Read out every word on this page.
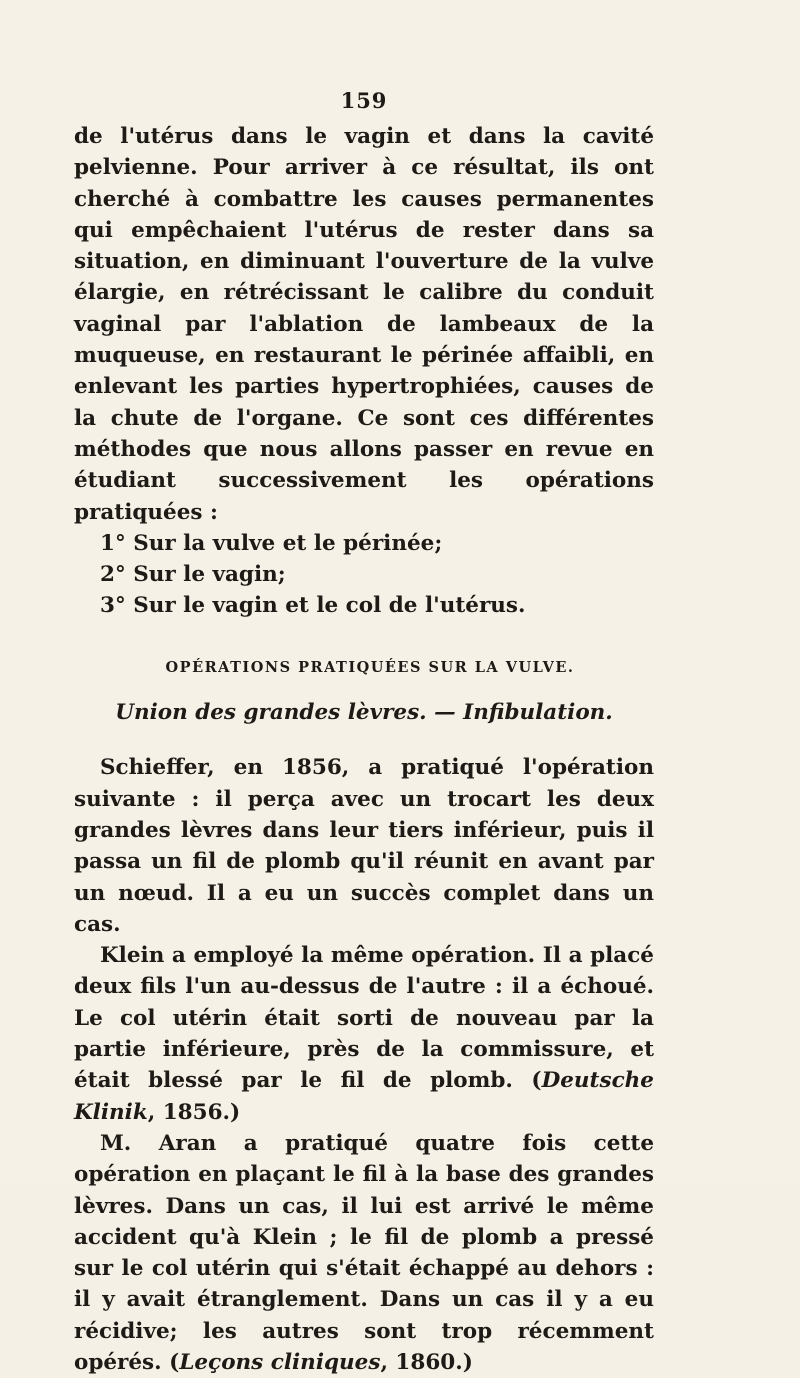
159

de l'utérus dans le vagin et dans la cavité pelvienne. Pour arriver à ce résultat, ils ont cherché à combattre les causes permanentes qui empêchaient l'utérus de rester dans sa situation, en diminuant l'ouverture de la vulve élargie, en rétrécissant le calibre du conduit vaginal par l'ablation de lambeaux de la muqueuse, en restaurant le périnée affaibli, en enlevant les parties hypertrophiées, causes de la chute de l'organe. Ce sont ces différentes méthodes que nous allons passer en revue en étudiant successivement les opérations pratiquées :

1° Sur la vulve et le périnée;

2° Sur le vagin;

3° Sur le vagin et le col de l'utérus.

OPÉRATIONS PRATIQUÉES SUR LA VULVE.
Union des grandes lèvres. — Infibulation.

Schieffer, en 1856, a pratiqué l'opération suivante : il perça avec un trocart les deux grandes lèvres dans leur tiers inférieur, puis il passa un fil de plomb qu'il réunit en avant par un nœud. Il a eu un succès complet dans un cas.

Klein a employé la même opération. Il a placé deux fils l'un au-dessus de l'autre : il a échoué. Le col utérin était sorti de nouveau par la partie inférieure, près de la commissure, et était blessé par le fil de plomb. (Deutsche Klinik, 1856.)

M. Aran a pratiqué quatre fois cette opération en plaçant le fil à la base des grandes lèvres. Dans un cas, il lui est arrivé le même accident qu'à Klein ; le fil de plomb a pressé sur le col utérin qui s'était échappé au dehors : il y avait étranglement. Dans un cas il y a eu récidive; les autres sont trop récemment opérés. (Leçons cliniques, 1860.)
